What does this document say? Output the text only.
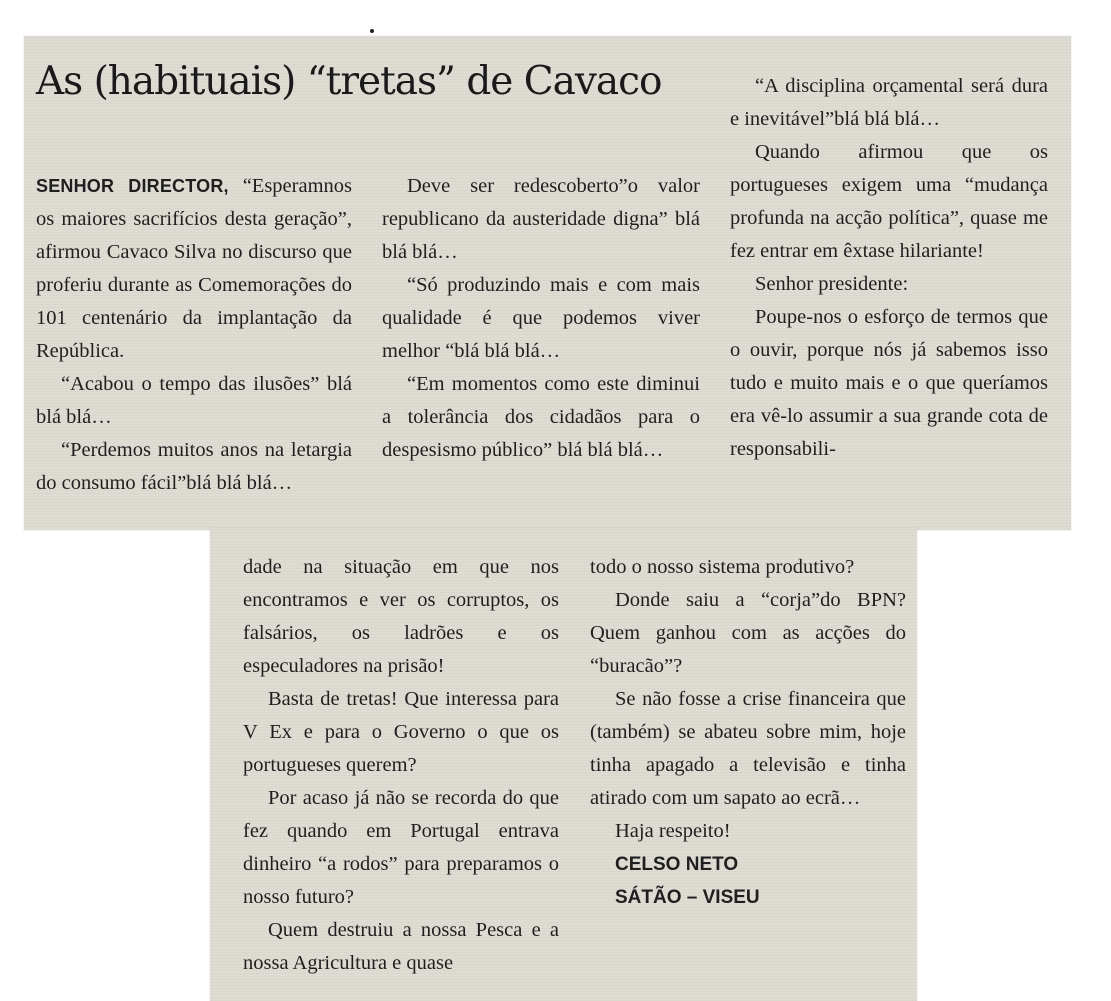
As (habituais) “tretas” de Cavaco

SENHOR DIRECTOR, “Esperamnos os maiores sacrifícios desta geração”, afirmou Cavaco Silva no discurso que proferiu durante as Comemorações do 101 centenário da implantação da República.

“Acabou o tempo das ilusões” blá blá blá…

“Perdemos muitos anos na letargia do consumo fácil”blá blá blá…

Deve ser redescoberto”o valor republicano da austeridade digna” blá blá blá…

“Só produzindo mais e com mais qualidade é que podemos viver melhor “blá blá blá…

“Em momentos como este diminui a tolerância dos cidadãos para o despesismo público” blá blá blá…

“A disciplina orçamental será dura e inevitável”blá blá blá…

Quando afirmou que os portugueses exigem uma “mudança profunda na acção política”, quase me fez entrar em êxtase hilariante!

Senhor presidente:

Poupe-nos o esforço de termos que o ouvir, porque nós já sabemos isso tudo e muito mais e o que queríamos era vê-lo assumir a sua grande cota de responsabili-

dade na situação em que nos encontramos e ver os corruptos, os falsários, os ladrões e os especuladores na prisão!

Basta de tretas! Que interessa para V Ex e para o Governo o que os portugueses querem?

Por acaso já não se recorda do que fez quando em Portugal entrava dinheiro “a rodos” para preparamos o nosso futuro?

Quem destruiu a nossa Pesca e a nossa Agricultura e quase

todo o nosso sistema produtivo?

Donde saiu a “corja”do BPN? Quem ganhou com as acções do “buracão”?

Se não fosse a crise financeira que (também) se abateu sobre mim, hoje tinha apagado a televisão e tinha atirado com um sapato ao ecrã…

Haja respeito!

CELSO NETO

SÁTÃO – VISEU
